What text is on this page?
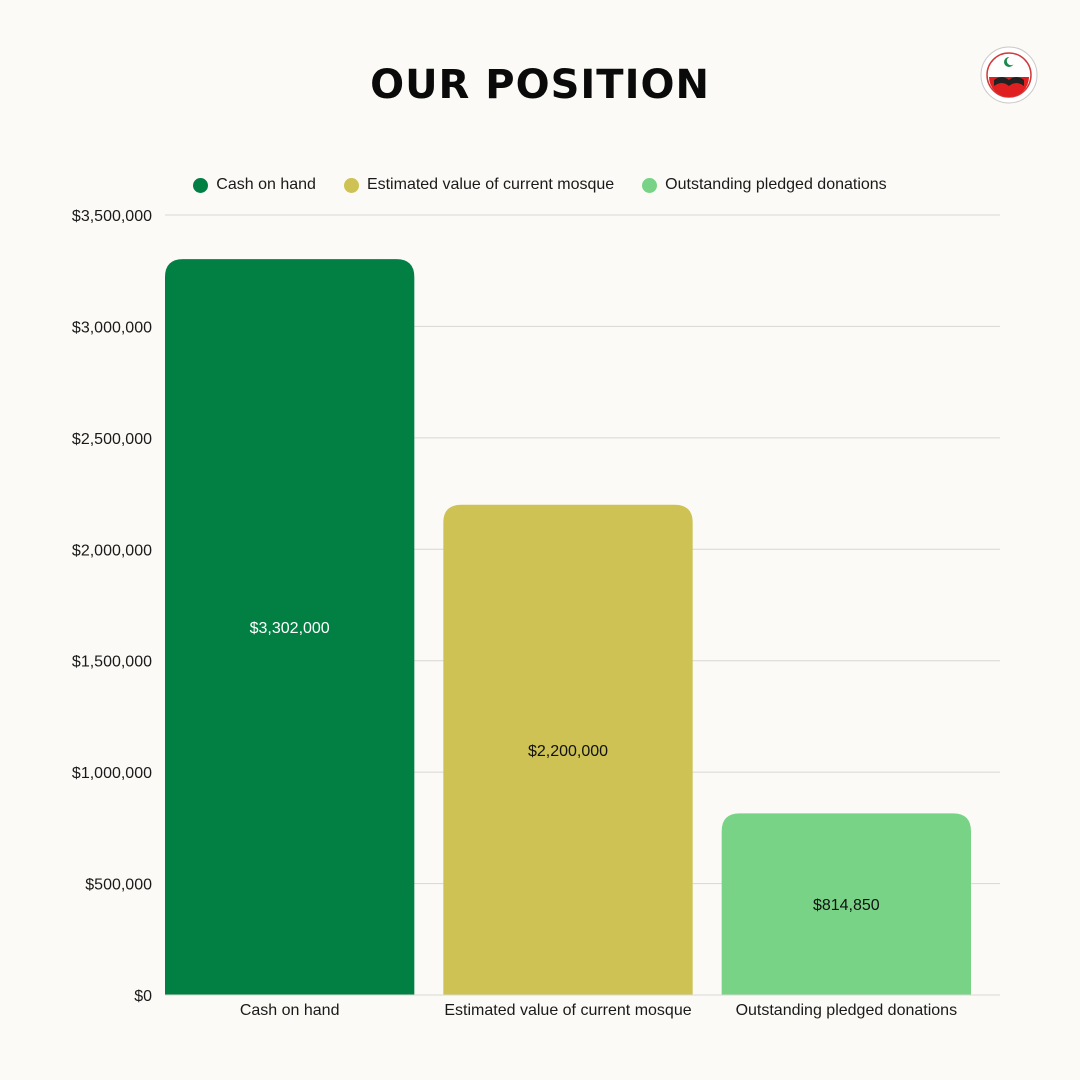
OUR POSITION
Cash on hand	Estimated value of current mosque	Outstanding pledged donations
$0
$500,000
$1,000,000
$1,500,000
$2,000,000
$2,500,000
$3,000,000
$3,500,000
$3,302,000
Cash on hand
$2,200,000
Estimated value of current mosque
$814,850
Outstanding pledged donations
